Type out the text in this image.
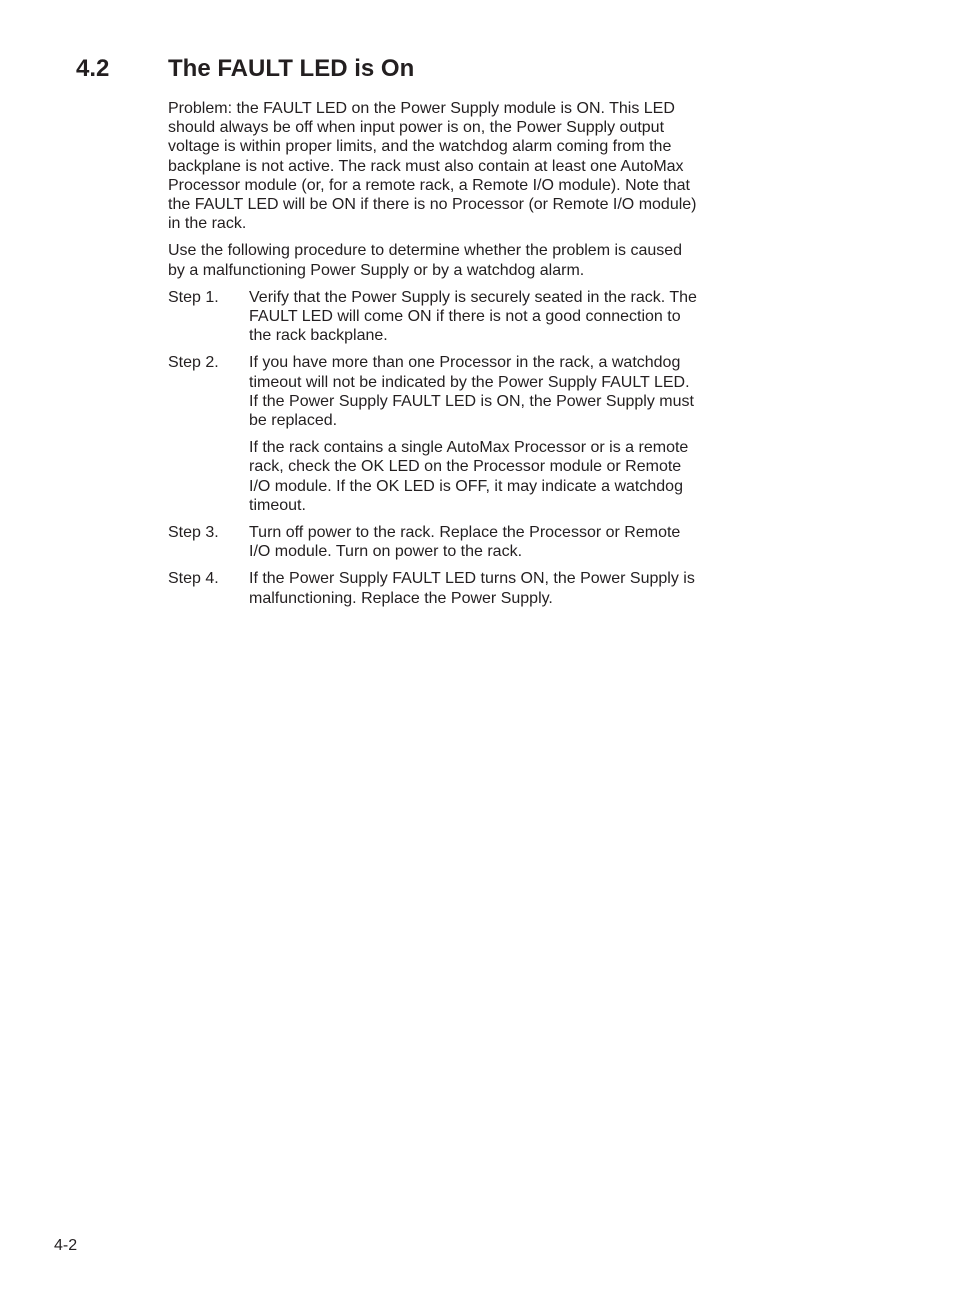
4.2 The FAULT LED is On

Problem: the FAULT LED on the Power Supply module is ON. This LED should always be off when input power is on, the Power Supply output voltage is within proper limits, and the watchdog alarm coming from the backplane is not active. The rack must also contain at least one AutoMax Processor module (or, for a remote rack, a Remote I/O module). Note that the FAULT LED will be ON if there is no Processor (or Remote I/O module) in the rack.

Use the following procedure to determine whether the problem is caused by a malfunctioning Power Supply or by a watchdog alarm.

Step 1.	Verify that the Power Supply is securely seated in the rack. The FAULT LED will come ON if there is not a good connection to the rack backplane.
Step 2.	If you have more than one Processor in the rack, a watchdog timeout will not be indicated by the Power Supply FAULT LED. If the Power Supply FAULT LED is ON, the Power Supply must be replaced.
If the rack contains a single AutoMax Processor or is a remote rack, check the OK LED on the Processor module or Remote I/O module. If the OK LED is OFF, it may indicate a watchdog timeout.
Step 3.	Turn off power to the rack. Replace the Processor or Remote I/O module. Turn on power to the rack.
Step 4.	If the Power Supply FAULT LED turns ON, the Power Supply is malfunctioning. Replace the Power Supply.
4-2
